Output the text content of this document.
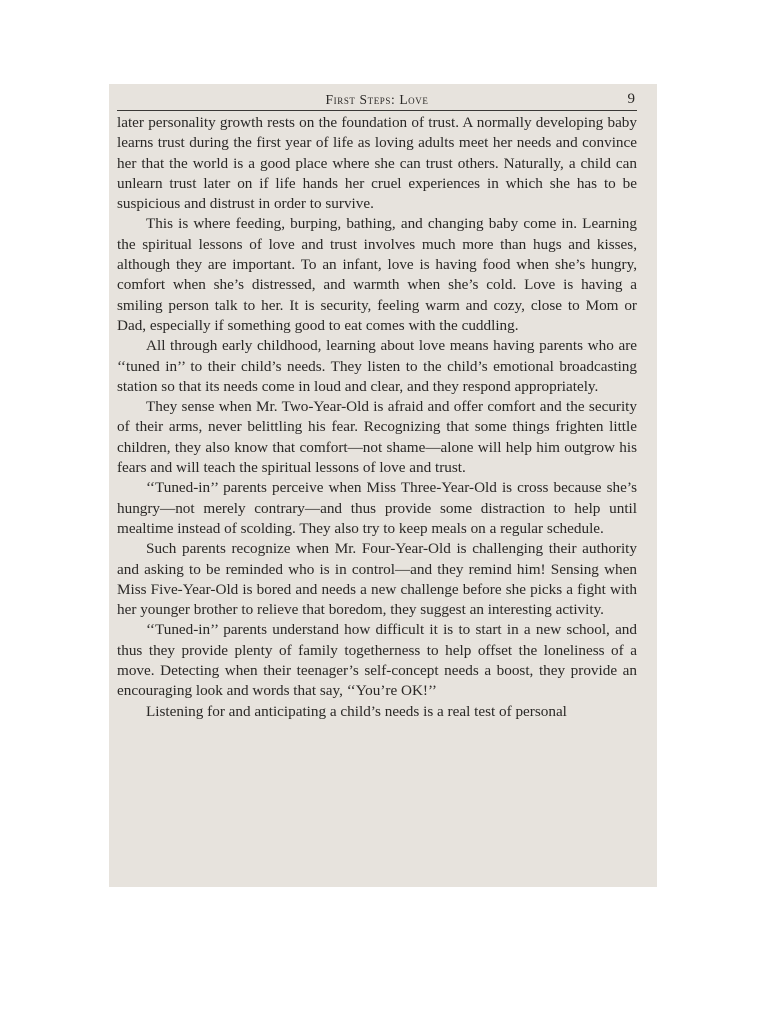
First Steps: Love	9

later personality growth rests on the foundation of trust. A normally developing baby learns trust during the first year of life as loving adults meet her needs and convince her that the world is a good place where she can trust others. Naturally, a child can unlearn trust later on if life hands her cruel experiences in which she has to be suspicious and distrust in order to survive.

This is where feeding, burping, bathing, and changing baby come in. Learning the spiritual lessons of love and trust involves much more than hugs and kisses, although they are important. To an infant, love is having food when she’s hungry, comfort when she’s distressed, and warmth when she’s cold. Love is having a smiling person talk to her. It is security, feeling warm and cozy, close to Mom or Dad, especially if something good to eat comes with the cuddling.

All through early childhood, learning about love means having parents who are ‘‘tuned in’’ to their child’s needs. They listen to the child’s emotional broadcasting station so that its needs come in loud and clear, and they respond appropriately.

They sense when Mr. Two-Year-Old is afraid and offer comfort and the security of their arms, never belittling his fear. Recognizing that some things frighten little children, they also know that comfort—not shame—alone will help him outgrow his fears and will teach the spiritual lessons of love and trust.

‘‘Tuned-in’’ parents perceive when Miss Three-Year-Old is cross because she’s hungry—not merely contrary—and thus provide some distraction to help until mealtime instead of scolding. They also try to keep meals on a regular schedule.

Such parents recognize when Mr. Four-Year-Old is challenging their authority and asking to be reminded who is in control—and they remind him! Sensing when Miss Five-Year-Old is bored and needs a new challenge before she picks a fight with her younger brother to relieve that boredom, they suggest an interesting activity.

‘‘Tuned-in’’ parents understand how difficult it is to start in a new school, and thus they provide plenty of family togetherness to help offset the loneliness of a move. Detecting when their teenager’s self-concept needs a boost, they provide an encouraging look and words that say, ‘‘You’re OK!’’

Listening for and anticipating a child’s needs is a real test of personal
